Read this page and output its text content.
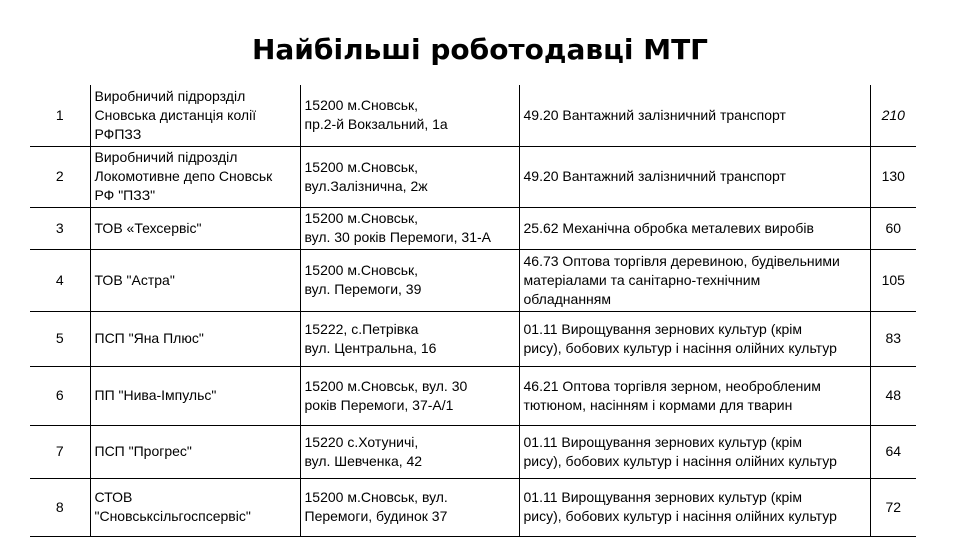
Найбільші роботодавці МТГ
1	Виробничий підрорзділ
Сновська дистанція колії
РФПЗЗ	15200 м.Сновськ,
пр.2-й Вокзальний, 1а	49.20 Вантажний залізничний транспорт	210
2	Виробничий підрозділ
Локомотивне депо Сновськ
РФ "ПЗЗ"	15200 м.Сновськ,
вул.Залізнична, 2ж	49.20 Вантажний залізничний транспорт	130
3	ТОВ «Техсервіс"	15200 м.Сновськ,
вул. 30 років Перемоги, 31-А	25.62 Механічна обробка металевих виробів	60
4	ТОВ "Астра"	15200 м.Сновськ,
вул. Перемоги, 39	46.73 Оптова торгівля деревиною, будівельними
матеріалами та санітарно-технічним
обладнанням	105
5	ПСП "Яна Плюс"	15222, с.Петрівка
вул. Центральна, 16	01.11 Вирощування зернових культур (крім
рису), бобових культур і насіння олійних культур	83
6	ПП "Нива-Імпульс"	15200 м.Сновськ, вул. 30
років Перемоги, 37-А/1	46.21 Оптова торгівля зерном, необробленим
тютюном, насінням і кормами для тварин	48
7	ПСП "Прогрес"	15220 с.Хотуничі,
вул. Шевченка, 42	01.11 Вирощування зернових культур (крім
рису), бобових культур і насіння олійних культур	64
8	СТОВ
"Сновськсільгоспсервіс"	15200 м.Сновськ, вул.
Перемоги, будинок 37	01.11 Вирощування зернових культур (крім
рису), бобових культур і насіння олійних культур	72
